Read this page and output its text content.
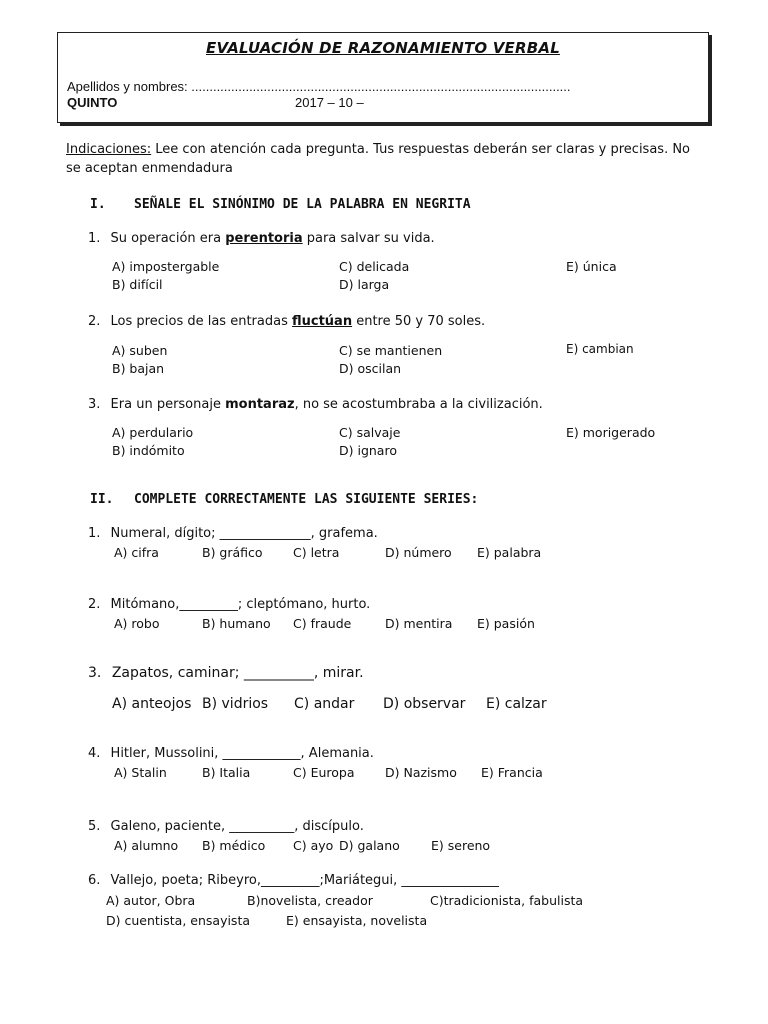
EVALUACIÓN DE RAZONAMIENTO VERBAL
Apellidos y nombres: .........................................................................................................
QUINTO	2017 – 10 –
Indicaciones: Lee con atención cada pregunta. Tus respuestas deberán ser claras y precisas. No se aceptan enmendadura
I. SEÑALE EL SINÓNIMO DE LA PALABRA EN NEGRITA
1. Su operación era perentoria para salvar su vida.
A) impostergable
B) difícil
C) delicada
D) larga
E) única
2. Los precios de las entradas fluctúan entre 50 y 70 soles.
A) suben
B) bajan
C) se mantienen
D) oscilan
E) cambian
3. Era un personaje montaraz, no se acostumbraba a la civilización.
A) perdulario
B) indómito
C) salvaje
D) ignaro
E) morigerado
II. COMPLETE CORRECTAMENTE LAS SIGUIENTE SERIES:
1. Numeral, dígito; ______________, grafema.
A) cifra	B) gráfico C) letra	D) número E) palabra
2. Mitómano,_________; cleptómano, hurto.
A) robo	B) humano C) fraude	D) mentira E) pasión
3. Zapatos, caminar; __________, mirar.
A) anteojos B) vidrios C) andar D) observar E) calzar
4. Hitler, Mussolini, ____________, Alemania.
A) Stalin	B) Italia	C) Europa D) Nazismo E) Francia
5. Galeno, paciente, __________, discípulo.
A) alumno B) médico C) ayo D) galano E) sereno
6. Vallejo, poeta; Ribeyro,_________;Mariátegui, _______________
A) autor, Obra	B)novelista, creador	C)tradicionista, fabulista
D) cuentista, ensayista	E) ensayista, novelista
